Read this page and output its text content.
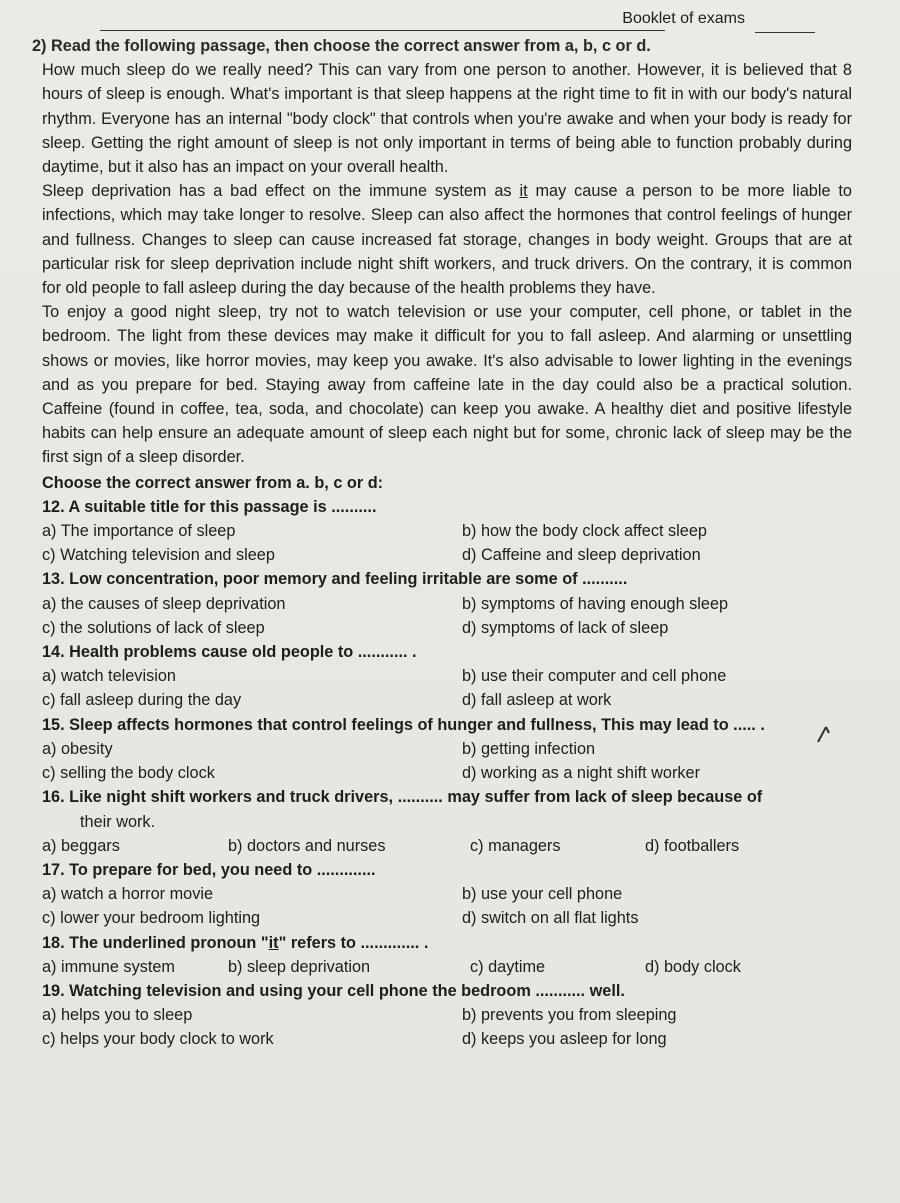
Booklet of exams
2) Read the following passage, then choose the correct answer from a, b, c or d.

How much sleep do we really need? This can vary from one person to another. However, it is believed that 8 hours of sleep is enough. What's important is that sleep happens at the right time to fit in with our body's natural rhythm. Everyone has an internal "body clock" that controls when you're awake and when your body is ready for sleep. Getting the right amount of sleep is not only important in terms of being able to function probably during daytime, but it also has an impact on your overall health.

Sleep deprivation has a bad effect on the immune system as it may cause a person to be more liable to infections, which may take longer to resolve. Sleep can also affect the hormones that control feelings of hunger and fullness. Changes to sleep can cause increased fat storage, changes in body weight. Groups that are at particular risk for sleep deprivation include night shift workers, and truck drivers. On the contrary, it is common for old people to fall asleep during the day because of the health problems they have.

To enjoy a good night sleep, try not to watch television or use your computer, cell phone, or tablet in the bedroom. The light from these devices may make it difficult for you to fall asleep. And alarming or unsettling shows or movies, like horror movies, may keep you awake. It's also advisable to lower lighting in the evenings and as you prepare for bed. Staying away from caffeine late in the day could also be a practical solution. Caffeine (found in coffee, tea, soda, and chocolate) can keep you awake. A healthy diet and positive lifestyle habits can help ensure an adequate amount of sleep each night but for some, chronic lack of sleep may be the first sign of a sleep disorder.

Choose the correct answer from a. b, c or d:
12. A suitable title for this passage is ..........
a) The importance of sleep	b) how the body clock affect sleep
c) Watching television and sleep	d) Caffeine and sleep deprivation
13. Low concentration, poor memory and feeling irritable are some of ..........
a) the causes of sleep deprivation	b) symptoms of having enough sleep
c) the solutions of lack of sleep	d) symptoms of lack of sleep
14. Health problems cause old people to ........... .
a) watch television	b) use their computer and cell phone
c) fall asleep during the day	d) fall asleep at work
15. Sleep affects hormones that control feelings of hunger and fullness, This may lead to ..... .
a) obesity	b) getting infection
c) selling the body clock	d) working as a night shift worker
16. Like night shift workers and truck drivers, .......... may suffer from lack of sleep because of
their work.
a) beggars	b) doctors and nurses	c) managers	d) footballers
17. To prepare for bed, you need to .............
a) watch a horror movie	b) use your cell phone
c) lower your bedroom lighting	d) switch on all flat lights
18. The underlined pronoun "it" refers to ............. .
a) immune system	b) sleep deprivation	c) daytime	d) body clock
19. Watching television and using your cell phone the bedroom ........... well.
a) helps you to sleep	b) prevents you from sleeping
c) helps your body clock to work	d) keeps you asleep for long
